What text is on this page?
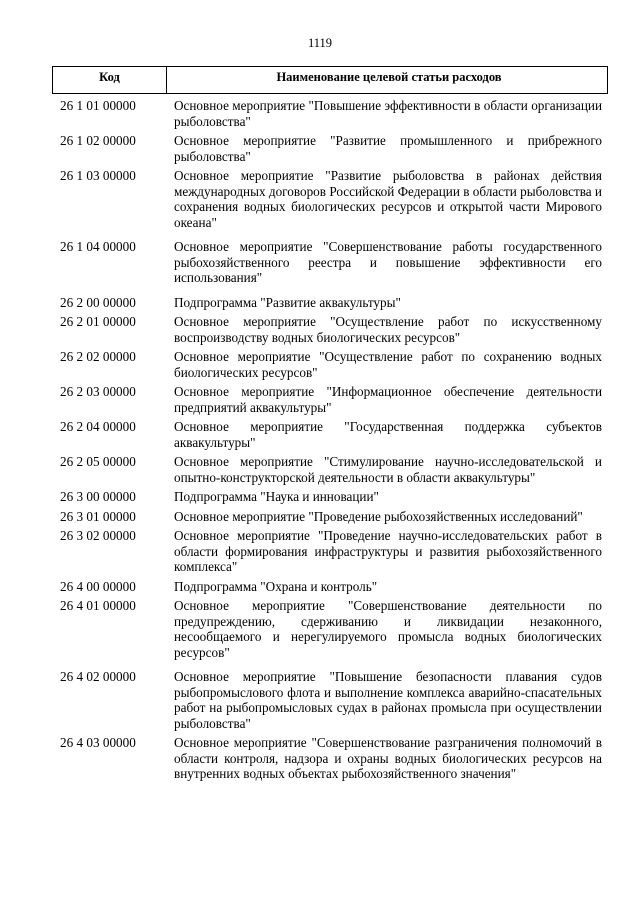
1119
Код	Наименование целевой статьи расходов
26 1 01 00000	Основное мероприятие "Повышение эффективности в области организации рыболовства"
26 1 02 00000	Основное мероприятие "Развитие промышленного и прибрежного рыболовства"
26 1 03 00000	Основное мероприятие "Развитие рыболовства в районах действия международных договоров Российской Федерации в области рыболовства и сохранения водных биологических ресурсов и открытой части Мирового океана"
26 1 04 00000	Основное мероприятие "Совершенствование работы государственного рыбохозяйственного реестра и повышение эффективности его использования"
26 2 00 00000	Подпрограмма "Развитие аквакультуры"
26 2 01 00000	Основное мероприятие "Осуществление работ по искусственному воспроизводству водных биологических ресурсов"
26 2 02 00000	Основное мероприятие "Осуществление работ по сохранению водных биологических ресурсов"
26 2 03 00000	Основное мероприятие "Информационное обеспечение деятельности предприятий аквакультуры"
26 2 04 00000	Основное мероприятие "Государственная поддержка субъектов аквакультуры"
26 2 05 00000	Основное мероприятие "Стимулирование научно-исследовательской и опытно-конструкторской деятельности в области аквакультуры"
26 3 00 00000	Подпрограмма "Наука и инновации"
26 3 01 00000	Основное мероприятие "Проведение рыбохозяйственных исследований"
26 3 02 00000	Основное мероприятие "Проведение научно-исследовательских работ в области формирования инфраструктуры и развития рыбохозяйственного комплекса"
26 4 00 00000	Подпрограмма "Охрана и контроль"
26 4 01 00000	Основное мероприятие "Совершенствование деятельности по предупреждению, сдерживанию и ликвидации незаконного, несообщаемого и нерегулируемого промысла водных биологических ресурсов"
26 4 02 00000	Основное мероприятие "Повышение безопасности плавания судов рыбопромыслового флота и выполнение комплекса аварийно-спасательных работ на рыбопромысловых судах в районах промысла при осуществлении рыболовства"
26 4 03 00000	Основное мероприятие "Совершенствование разграничения полномочий в области контроля, надзора и охраны водных биологических ресурсов на внутренних водных объектах рыбохозяйственного значения"
